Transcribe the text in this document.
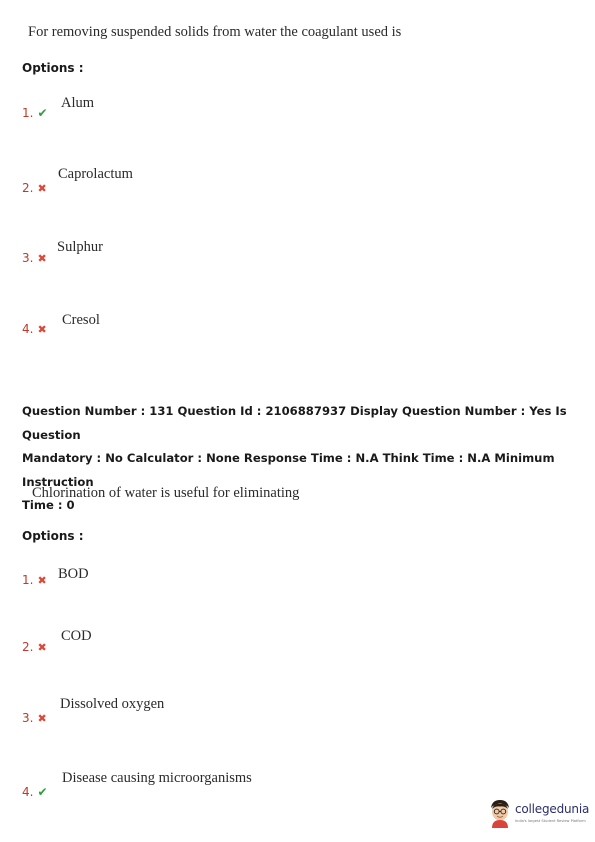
For removing suspended solids from water the coagulant used is
Options :
1. ✔
Alum
2. ✖
Caprolactum
3. ✖
Sulphur
4. ✖
Cresol
Question Number : 131 Question Id : 2106887937 Display Question Number : Yes Is Question
Mandatory : No Calculator : None Response Time : N.A Think Time : N.A Minimum Instruction
Time : 0
Chlorination of water is useful for eliminating
Options :
1. ✖ BOD
2. ✖
COD
3. ✖
Dissolved oxygen
4. ✔
Disease causing microorganisms
collegedunia
India's largest Student Review Platform
